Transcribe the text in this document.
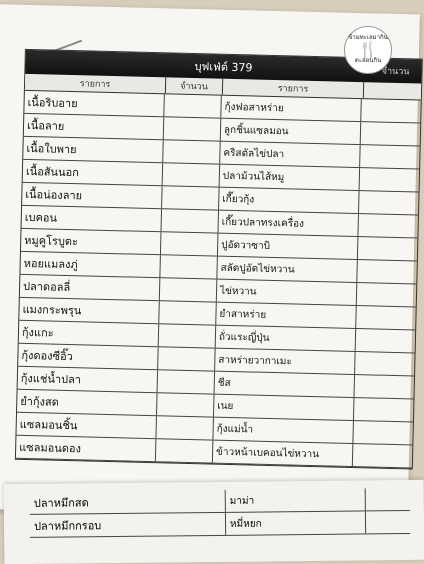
บุฟเฟ่ต์ 379	จำนวน
รายการ	จำนวน	รายการ
เนื้อริบอาย	กุ้งฟอสาหร่าย
เนื้อลาย	ลูกชิ้นแซลมอน
เนื้อใบพาย	คริสตัลไข่ปลา
เนื้อสันนอก	ปลาม้วนไส้หมู
เนื้อน่องลาย	เกี๊ยวกุ้ง
เบคอน	เกี๊ยวปลาทรงเครื่อง
หมูคูโรบูตะ	ปูอัดวาซาบิ
หอยแมลงภู่	สลัดปูอัดไข่หวาน
ปลาดอลลี่	ไข่หวาน
แมงกระพรุน	ยำสาหร่าย
กุ้งแกะ	ถั่วแระญี่ปุ่น
กุ้งดองซีอิ๊ว	สาหร่ายวากาเมะ
กุ้งแช่น้ำปลา	ชีส
ยำกุ้งสด	เนย
แซลมอนชิ้น	กุ้งแม่น้ำ
แซลมอนดอง	ข้าวหน้าเบคอนไข่หวาน
ข้ามทะเลมากิน
🍴
ตะลอนกิน
ปลาหมึกสด	มาม่า
ปลาหมึกกรอบ	หมี่หยก
